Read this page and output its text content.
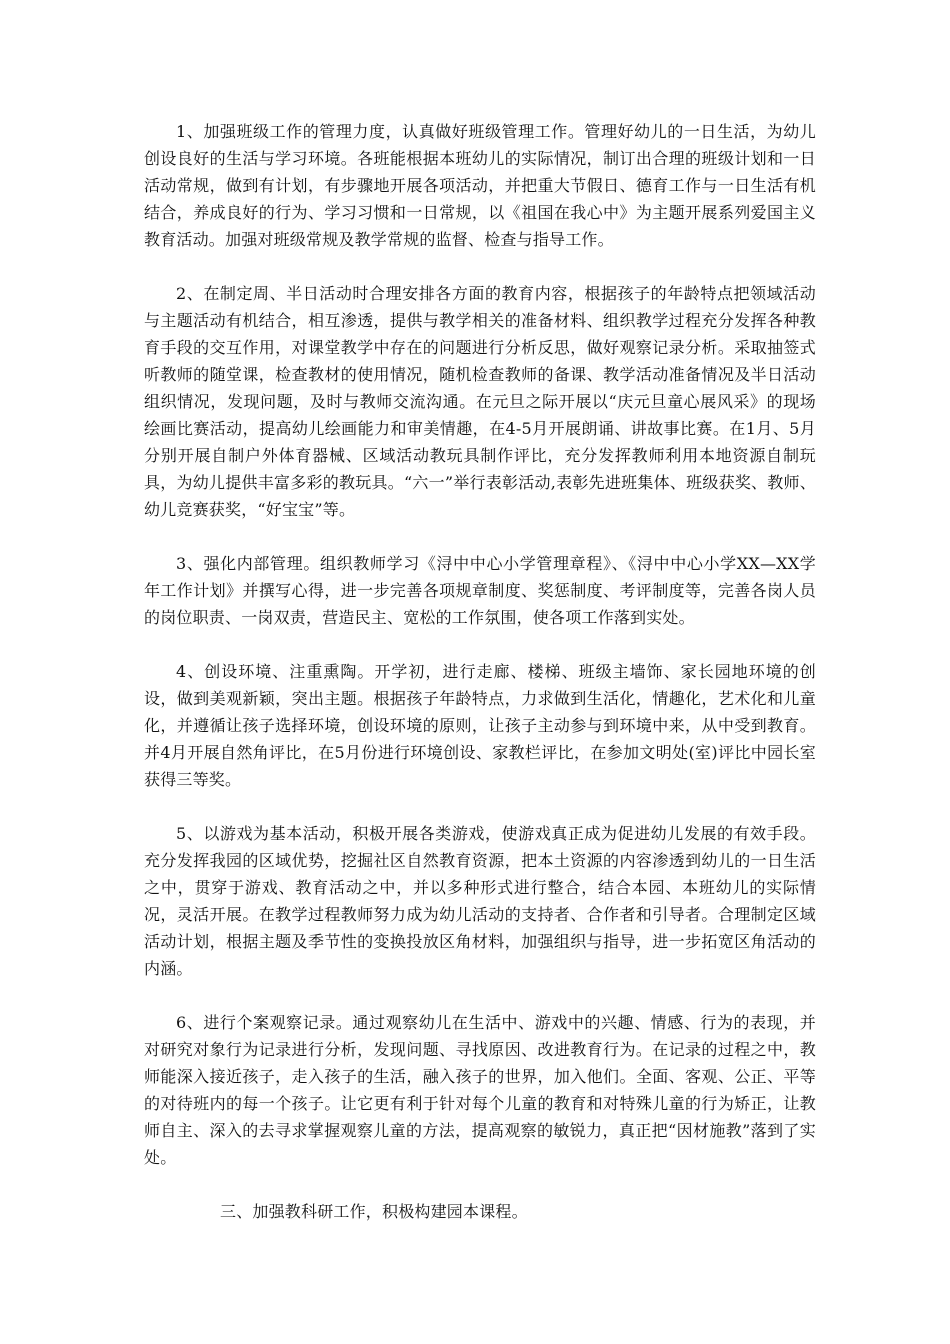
1、加强班级工作的管理力度，认真做好班级管理工作。管理好幼儿的一日生活，为幼儿创设良好的生活与学习环境。各班能根据本班幼儿的实际情况，制订出合理的班级计划和一日活动常规，做到有计划，有步骤地开展各项活动，并把重大节假日、德育工作与一日生活有机结合，养成良好的行为、学习习惯和一日常规，以《祖国在我心中》为主题开展系列爱国主义教育活动。加强对班级常规及教学常规的监督、检查与指导工作。

2、在制定周、半日活动时合理安排各方面的教育内容，根据孩子的年龄特点把领域活动与主题活动有机结合，相互渗透，提供与教学相关的准备材料、组织教学过程充分发挥各种教育手段的交互作用，对课堂教学中存在的问题进行分析反思，做好观察记录分析。采取抽签式听教师的随堂课，检查教材的使用情况，随机检查教师的备课、教学活动准备情况及半日活动组织情况，发现问题，及时与教师交流沟通。在元旦之际开展以“庆元旦童心展风采》的现场绘画比赛活动，提高幼儿绘画能力和审美情趣，在4-5月开展朗诵、讲故事比赛。在1月、5月分别开展自制户外体育器械、区域活动教玩具制作评比，充分发挥教师利用本地资源自制玩具，为幼儿提供丰富多彩的教玩具。“六一”举行表彰活动,表彰先进班集体、班级获奖、教师、幼儿竞赛获奖，“好宝宝”等。

3、强化内部管理。组织教师学习《浔中中心小学管理章程》、《浔中中心小学XX—XX学年工作计划》并撰写心得，进一步完善各项规章制度、奖惩制度、考评制度等，完善各岗人员的岗位职责、一岗双责，营造民主、宽松的工作氛围，使各项工作落到实处。

4、创设环境、注重熏陶。开学初，进行走廊、楼梯、班级主墙饰、家长园地环境的创设，做到美观新颖，突出主题。根据孩子年龄特点，力求做到生活化，情趣化，艺术化和儿童化，并遵循让孩子选择环境，创设环境的原则，让孩子主动参与到环境中来，从中受到教育。并4月开展自然角评比，在5月份进行环境创设、家教栏评比，在参加文明处(室)评比中园长室获得三等奖。

5、以游戏为基本活动，积极开展各类游戏，使游戏真正成为促进幼儿发展的有效手段。充分发挥我园的区域优势，挖掘社区自然教育资源，把本土资源的内容渗透到幼儿的一日生活之中，贯穿于游戏、教育活动之中，并以多种形式进行整合，结合本园、本班幼儿的实际情况，灵活开展。在教学过程教师努力成为幼儿活动的支持者、合作者和引导者。合理制定区域活动计划，根据主题及季节性的变换投放区角材料，加强组织与指导，进一步拓宽区角活动的内涵。

6、进行个案观察记录。通过观察幼儿在生活中、游戏中的兴趣、情感、行为的表现，并对研究对象行为记录进行分析，发现问题、寻找原因、改进教育行为。在记录的过程之中，教师能深入接近孩子，走入孩子的生活，融入孩子的世界，加入他们。全面、客观、公正、平等的对待班内的每一个孩子。让它更有利于针对每个儿童的教育和对特殊儿童的行为矫正，让教师自主、深入的去寻求掌握观察儿童的方法，提高观察的敏锐力，真正把“因材施教”落到了实处。

三、加强教科研工作，积极构建园本课程。
